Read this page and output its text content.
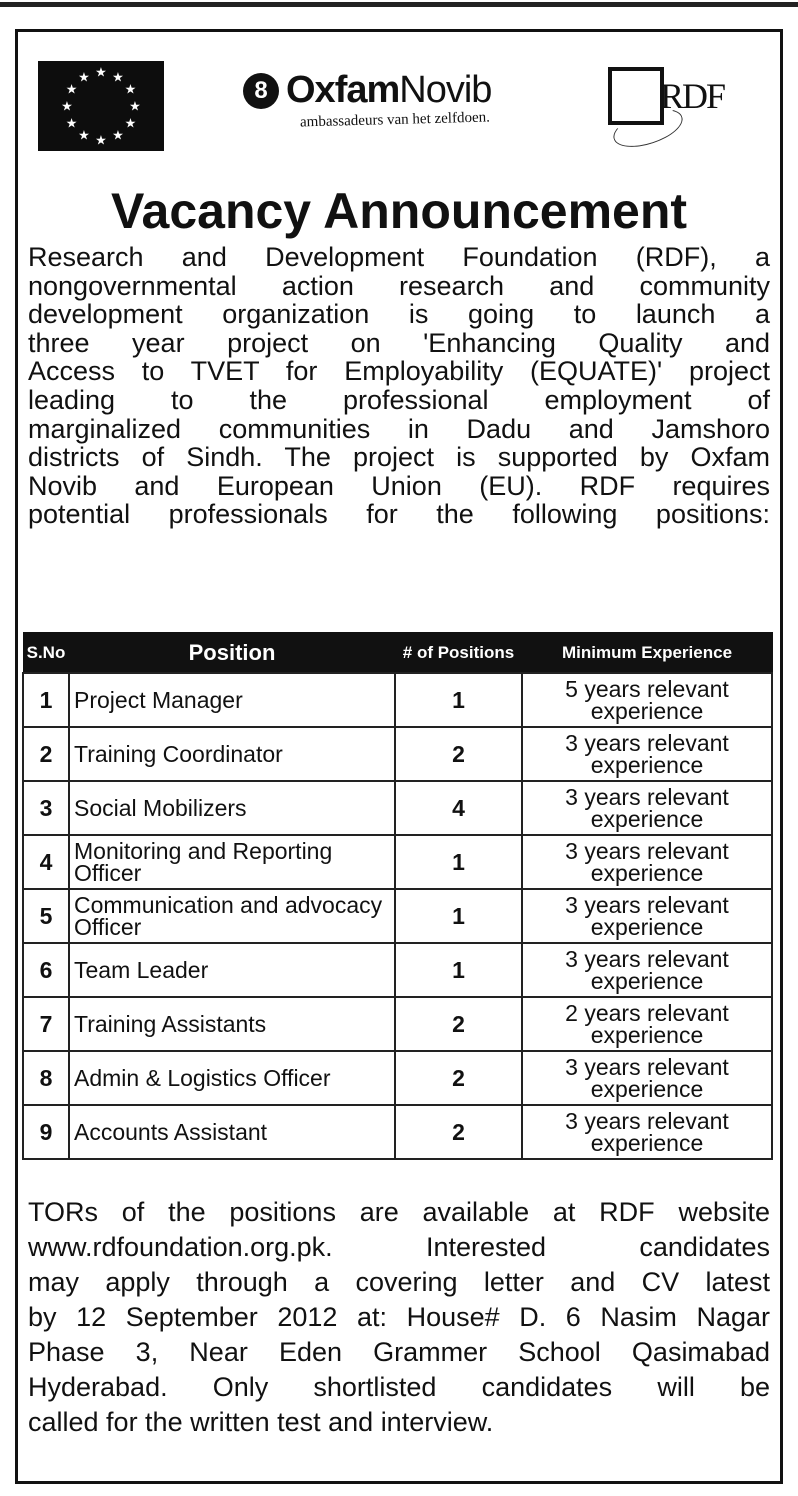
★ ★
★
★
★
★
★
★
★
★
★
★
8 OxfamNovib
ambassadeurs van het zelfdoen.
RDF
Vacancy Announcement
Research and Development Foundation (RDF), a
nongovernmental action research and community
development organization is going to launch a
three year project on 'Enhancing Quality and
Access to TVET for Employability (EQUATE)' project
leading to the professional employment of
marginalized communities in Dadu and Jamshoro
districts of Sindh. The project is supported by Oxfam
Novib and European Union (EU). RDF requires
potential professionals for the following positions:
S.No	Position	# of Positions	Minimum Experience
1	Project Manager	1	5 years relevant
experience

2	Training Coordinator	2	3 years relevant
experience

3	Social Mobilizers	4	3 years relevant
experience

4	Monitoring and Reporting Officer	1	3 years relevant
experience

5	Communication and advocacy Officer	1	3 years relevant
experience

6	Team Leader	1	3 years relevant
experience

7	Training Assistants	2	2 years relevant
experience

8	Admin & Logistics Officer	2	3 years relevant
experience

9	Accounts Assistant	2	3 years relevant
experience
TORs of the positions are available at RDF website
www.rdfoundation.org.pk. Interested candidates
may apply through a covering letter and CV latest
by 12 September 2012 at: House# D. 6 Nasim Nagar
Phase 3, Near Eden Grammer School Qasimabad
Hyderabad. Only shortlisted candidates will be
called for the written test and interview.
